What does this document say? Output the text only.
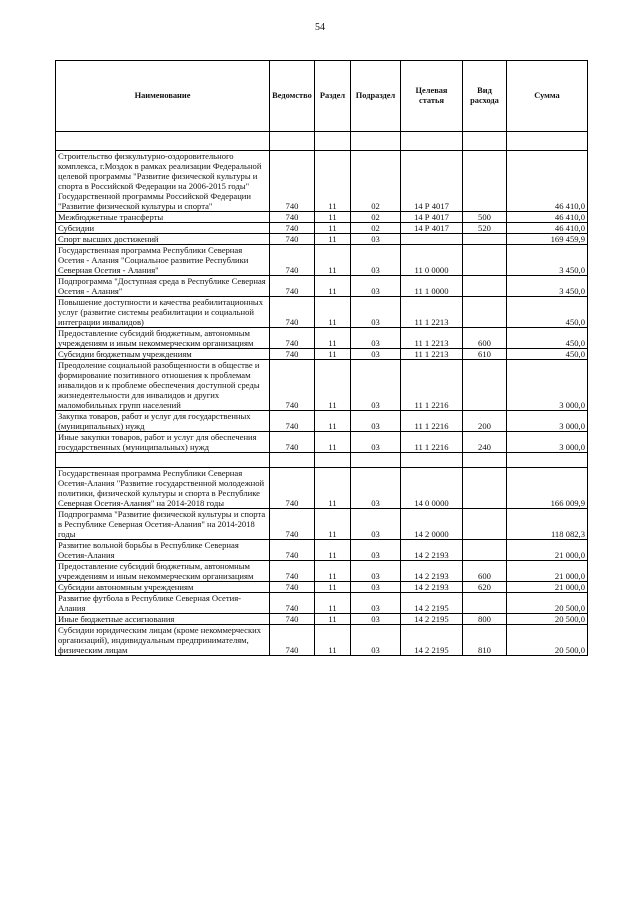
54
Наименование	Ведомство	Раздел	Подраздел	Целевая статья	Вид расхода	Сумма

Строительство физкультурно-оздоровительного комплекса, г.Моздок в рамках реализации Федеральной целевой программы "Развитие физической культуры и спорта в Российской Федерации на 2006-2015 годы" Государственной программы Российской Федерации "Развитие физической культуры и спорта"	740	11	02	14 Р 4017		46 410,0
Межбюджетные трансферты	740	11	02	14 Р 4017	500	46 410,0
Субсидии	740	11	02	14 Р 4017	520	46 410,0
Спорт высших достижений	740	11	03			169 459,9
Государственная программа Республики Северная Осетия - Алания "Социальное развитие Республики Северная Осетия - Алания"	740	11	03	11 0 0000		3 450,0
Подпрограмма "Доступная среда в Республике Северная Осетия - Алания"	740	11	03	11 1 0000		3 450,0
Повышение доступности и качества реабилитационных услуг (развитие системы реабилитации и социальной интеграции инвалидов)	740	11	03	11 1 2213		450,0
Предоставление субсидий бюджетным, автономным учреждениям и иным некоммерческим организациям	740	11	03	11 1 2213	600	450,0
Субсидии бюджетным учреждениям	740	11	03	11 1 2213	610	450,0
Преодоление социальной разобщенности в обществе и формирование позитивного отношения к проблемам инвалидов и к проблеме обеспечения доступной среды жизнедеятельности для инвалидов и других маломобильных групп населений	740	11	03	11 1 2216		3 000,0
Закупка товаров, работ и услуг для государственных (муниципальных) нужд	740	11	03	11 1 2216	200	3 000,0
Иные закупки товаров, работ и услуг для обеспечения государственных (муниципальных) нужд	740	11	03	11 1 2216	240	3 000,0

Государственная программа Республики Северная Осетия-Алания "Развитие государственной молодежной политики, физической культуры и спорта в Республике Северная Осетия-Алания" на 2014-2018 годы	740	11	03	14 0 0000		166 009,9
Подпрограмма "Развитие физической культуры и спорта в Республике Северная Осетия-Алания" на 2014-2018 годы	740	11	03	14 2 0000		118 082,3
Развитие вольной борьбы в Республике Северная Осетия-Алания	740	11	03	14 2 2193		21 000,0
Предоставление субсидий бюджетным, автономным учреждениям и иным некоммерческим организациям	740	11	03	14 2 2193	600	21 000,0
Субсидии автономным учреждениям	740	11	03	14 2 2193	620	21 000,0
Развитие футбола в Республике Северная Осетия-Алания	740	11	03	14 2 2195		20 500,0
Иные бюджетные ассигнования	740	11	03	14 2 2195	800	20 500,0
Субсидии юридическим лицам (кроме некоммерческих организаций), индивидуальным предпринимателям, физическим лицам	740	11	03	14 2 2195	810	20 500,0
